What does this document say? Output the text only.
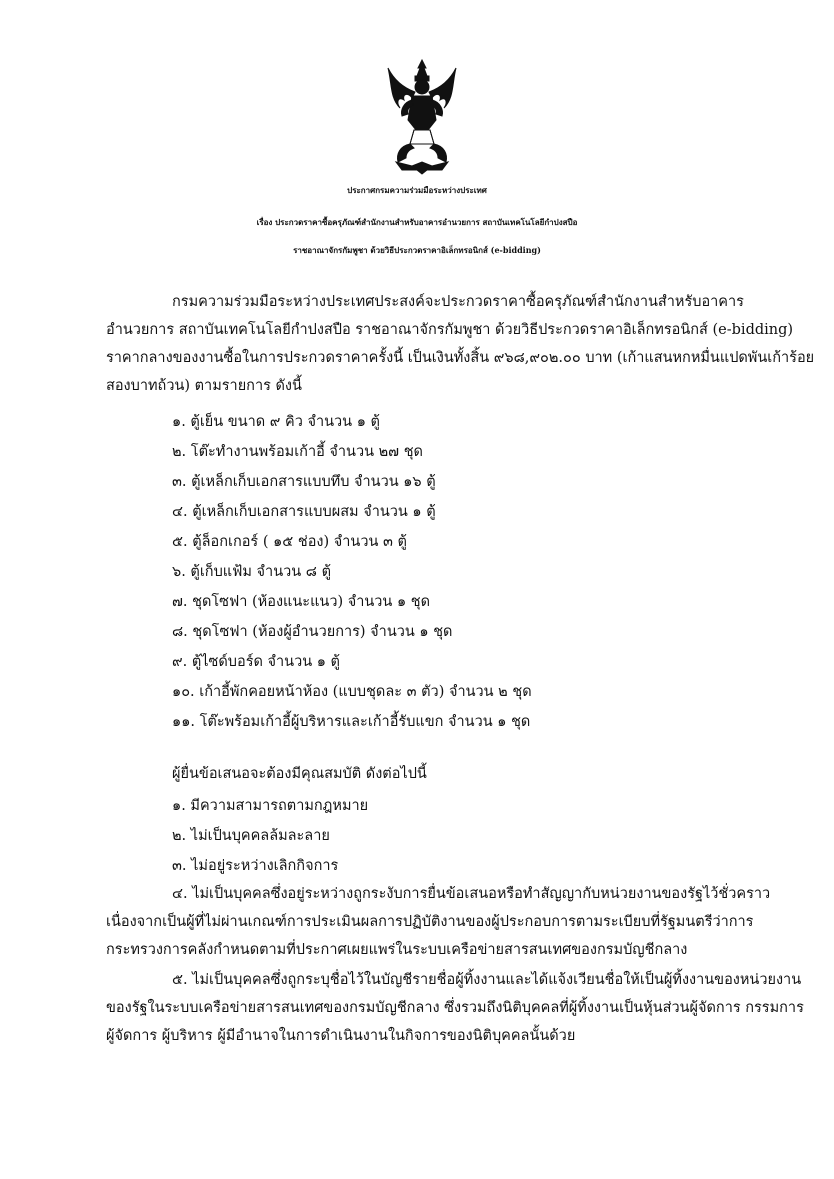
ประกาศกรมความร่วมมือระหว่างประเทศ
เรื่อง ประกวดราคาซื้อครุภัณฑ์สำนักงานสำหรับอาคารอำนวยการ สถาบันเทคโนโลยีกำปงสปือ
ราชอาณาจักรกัมพูชา ด้วยวิธีประกวดราคาอิเล็กทรอนิกส์ (e-bidding)
กรมความร่วมมือระหว่างประเทศประสงค์จะประกวดราคาซื้อครุภัณฑ์สำนักงานสำหรับอาคาร
อำนวยการ สถาบันเทคโนโลยีกำปงสปือ ราชอาณาจักรกัมพูชา ด้วยวิธีประกวดราคาอิเล็กทรอนิกส์ (e-bidding)
ราคากลางของงานซื้อในการประกวดราคาครั้งนี้ เป็นเงินทั้งสิ้น ๙๖๘,๙๐๒.๐๐ บาท (เก้าแสนหกหมื่นแปดพันเก้าร้อย
สองบาทถ้วน) ตามรายการ ดังนี้
๑. ตู้เย็น ขนาด ๙ คิว จำนวน ๑ ตู้
๒. โต๊ะทำงานพร้อมเก้าอี้ จำนวน ๒๗ ชุด
๓. ตู้เหล็กเก็บเอกสารแบบทึบ จำนวน ๑๖ ตู้
๔. ตู้เหล็กเก็บเอกสารแบบผสม จำนวน ๑ ตู้
๕. ตู้ล็อกเกอร์ ( ๑๕ ช่อง) จำนวน ๓ ตู้
๖. ตู้เก็บแฟ้ม จำนวน ๘ ตู้
๗. ชุดโซฟา (ห้องแนะแนว) จำนวน ๑ ชุด
๘. ชุดโซฟา (ห้องผู้อำนวยการ) จำนวน ๑ ชุด
๙. ตู้ไซด์บอร์ด จำนวน ๑ ตู้
๑๐. เก้าอี้พักคอยหน้าห้อง (แบบชุดละ ๓ ตัว) จำนวน ๒ ชุด
๑๑. โต๊ะพร้อมเก้าอี้ผู้บริหารและเก้าอี้รับแขก จำนวน ๑ ชุด
ผู้ยื่นข้อเสนอจะต้องมีคุณสมบัติ ดังต่อไปนี้
๑. มีความสามารถตามกฎหมาย
๒. ไม่เป็นบุคคลล้มละลาย
๓. ไม่อยู่ระหว่างเลิกกิจการ
๔. ไม่เป็นบุคคลซึ่งอยู่ระหว่างถูกระงับการยื่นข้อเสนอหรือทำสัญญากับหน่วยงานของรัฐไว้ชั่วคราว
เนื่องจากเป็นผู้ที่ไม่ผ่านเกณฑ์การประเมินผลการปฏิบัติงานของผู้ประกอบการตามระเบียบที่รัฐมนตรีว่าการ
กระทรวงการคลังกำหนดตามที่ประกาศเผยแพร่ในระบบเครือข่ายสารสนเทศของกรมบัญชีกลาง
๕. ไม่เป็นบุคคลซึ่งถูกระบุชื่อไว้ในบัญชีรายชื่อผู้ทิ้งงานและได้แจ้งเวียนชื่อให้เป็นผู้ทิ้งงานของหน่วยงาน
ของรัฐในระบบเครือข่ายสารสนเทศของกรมบัญชีกลาง ซึ่งรวมถึงนิติบุคคลที่ผู้ทิ้งงานเป็นหุ้นส่วนผู้จัดการ กรรมการ
ผู้จัดการ ผู้บริหาร ผู้มีอำนาจในการดำเนินงานในกิจการของนิติบุคคลนั้นด้วย
